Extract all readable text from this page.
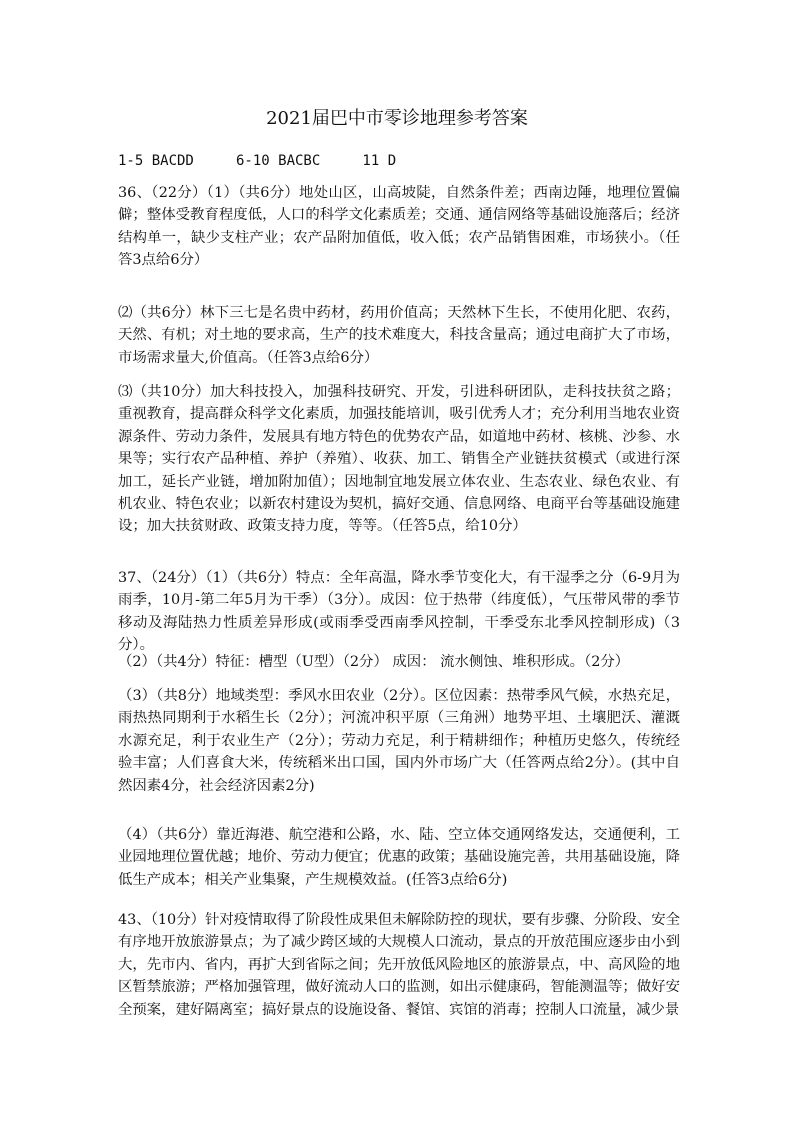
2021届巴中市零诊地理参考答案
1-5 BACDD     6-10 BACBC     11 D
36、（22分）（1）（共6分）地处山区，山高坡陡，自然条件差；西南边陲，地理位置偏僻；整体受教育程度低，人口的科学文化素质差；交通、通信网络等基础设施落后；经济结构单一，缺少支柱产业；农产品附加值低，收入低；农产品销售困难，市场狭小。（任答3点给6分）
⑵（共6分）林下三七是名贵中药材，药用价值高；天然林下生长，不使用化肥、农药，天然、有机；对土地的要求高，生产的技术难度大，科技含量高；通过电商扩大了市场，市场需求量大,价值高。（任答3点给6分）
⑶（共10分）加大科技投入，加强科技研究、开发，引进科研团队，走科技扶贫之路；重视教育，提高群众科学文化素质，加强技能培训，吸引优秀人才；充分利用当地农业资源条件、劳动力条件，发展具有地方特色的优势农产品，如道地中药材、核桃、沙参、水果等；实行农产品种植、养护（养殖）、收获、加工、销售全产业链扶贫模式（或进行深加工，延长产业链，增加附加值）；因地制宜地发展立体农业、生态农业、绿色农业、有机农业、特色农业；以新农村建设为契机，搞好交通、信息网络、电商平台等基础设施建设；加大扶贫财政、政策支持力度，等等。（任答5点，给10分）
37、（24分）（1）（共6分）特点：全年高温，降水季节变化大，有干湿季之分（6-9月为雨季，10月-第二年5月为干季）（3分）。成因：位于热带（纬度低），气压带风带的季节移动及海陆热力性质差异形成(或雨季受西南季风控制，干季受东北季风控制形成)（3分）。
（2）（共4分）特征：槽型（U型）（2分） 成因： 流水侧蚀、堆积形成。（2分）
（3）（共8分）地域类型：季风水田农业（2分）。区位因素：热带季风气候，水热充足，雨热热同期利于水稻生长（2分）；河流冲积平原（三角洲）地势平坦、土壤肥沃、灌溉水源充足，利于农业生产（2分）；劳动力充足，利于精耕细作；种植历史悠久，传统经验丰富；人们喜食大米，传统稻米出口国，国内外市场广大（任答两点给2分）。(其中自然因素4分，社会经济因素2分)
（4）（共6分）靠近海港、航空港和公路，水、陆、空立体交通网络发达，交通便利，工业园地理位置优越；地价、劳动力便宜；优惠的政策；基础设施完善，共用基础设施，降低生产成本；相关产业集聚，产生规模效益。(任答3点给6分)
43、（10分）针对疫情取得了阶段性成果但未解除防控的现状，要有步骤、分阶段、安全有序地开放旅游景点；为了减少跨区域的大规模人口流动，景点的开放范围应逐步由小到大，先市内、省内，再扩大到省际之间；先开放低风险地区的旅游景点，中、高风险的地区暂禁旅游；严格加强管理，做好流动人口的监测，如出示健康码，智能测温等；做好安全预案，建好隔离室；搞好景点的设施设备、餐馆、宾馆的消毒；控制人口流量，减少景
